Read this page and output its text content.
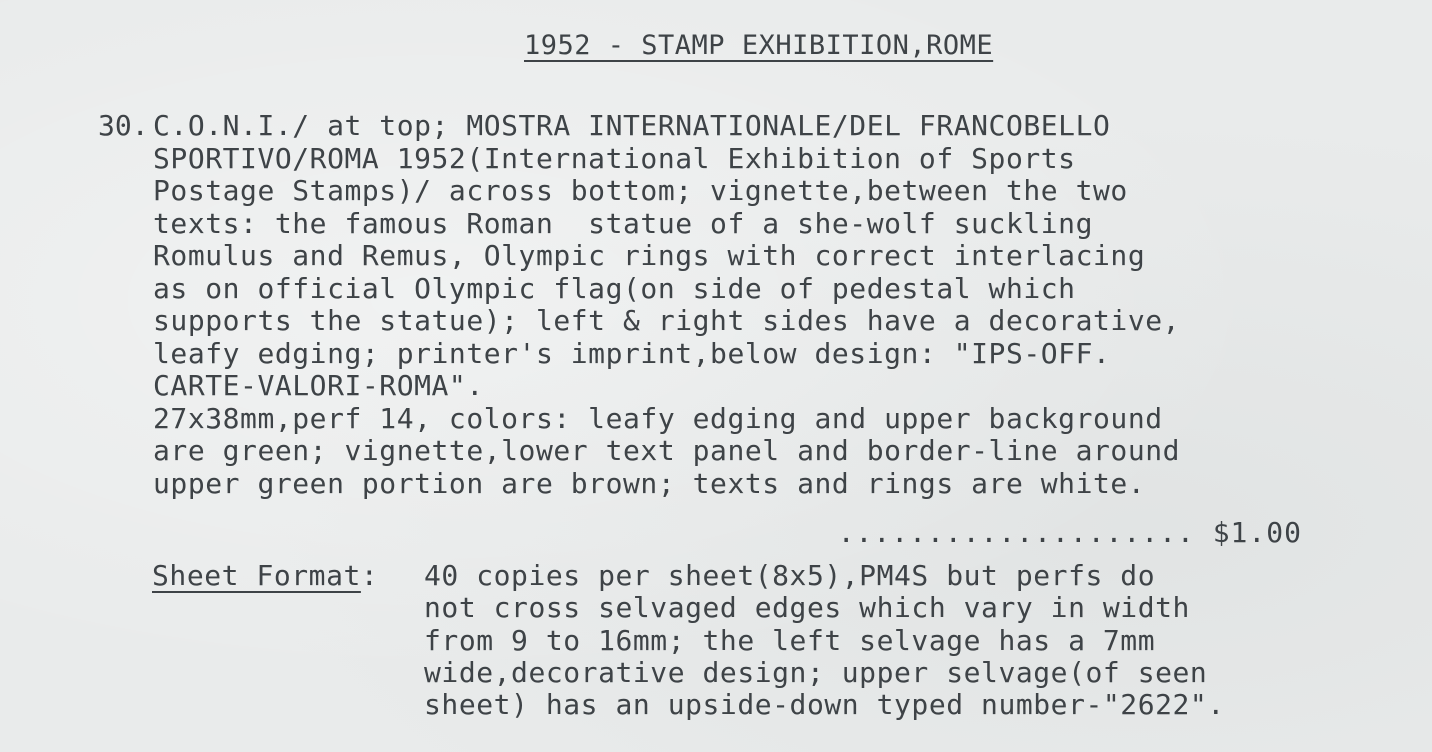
1952 - STAMP EXHIBITION,ROME
30. C.O.N.I./ at top; MOSTRA INTERNATIONALE/DEL FRANCOBELLO
SPORTIVO/ROMA 1952(International Exhibition of Sports
Postage Stamps)/ across bottom; vignette,between the two
texts: the famous Roman  statue of a she-wolf suckling
Romulus and Remus, Olympic rings with correct interlacing
as on official Olympic flag(on side of pedestal which
supports the statue); left & right sides have a decorative,
leafy edging; printer's imprint,below design: "IPS-OFF.
CARTE-VALORI-ROMA".
27x38mm,perf 14, colors: leafy edging and upper background
are green; vignette,lower text panel and border-line around
upper green portion are brown; texts and rings are white.
.................... $1.00
Sheet Format: 40 copies per sheet(8x5),PM4S but perfs do
not cross selvaged edges which vary in width
from 9 to 16mm; the left selvage has a 7mm
wide,decorative design; upper selvage(of seen
sheet) has an upside-down typed number-"2622".
